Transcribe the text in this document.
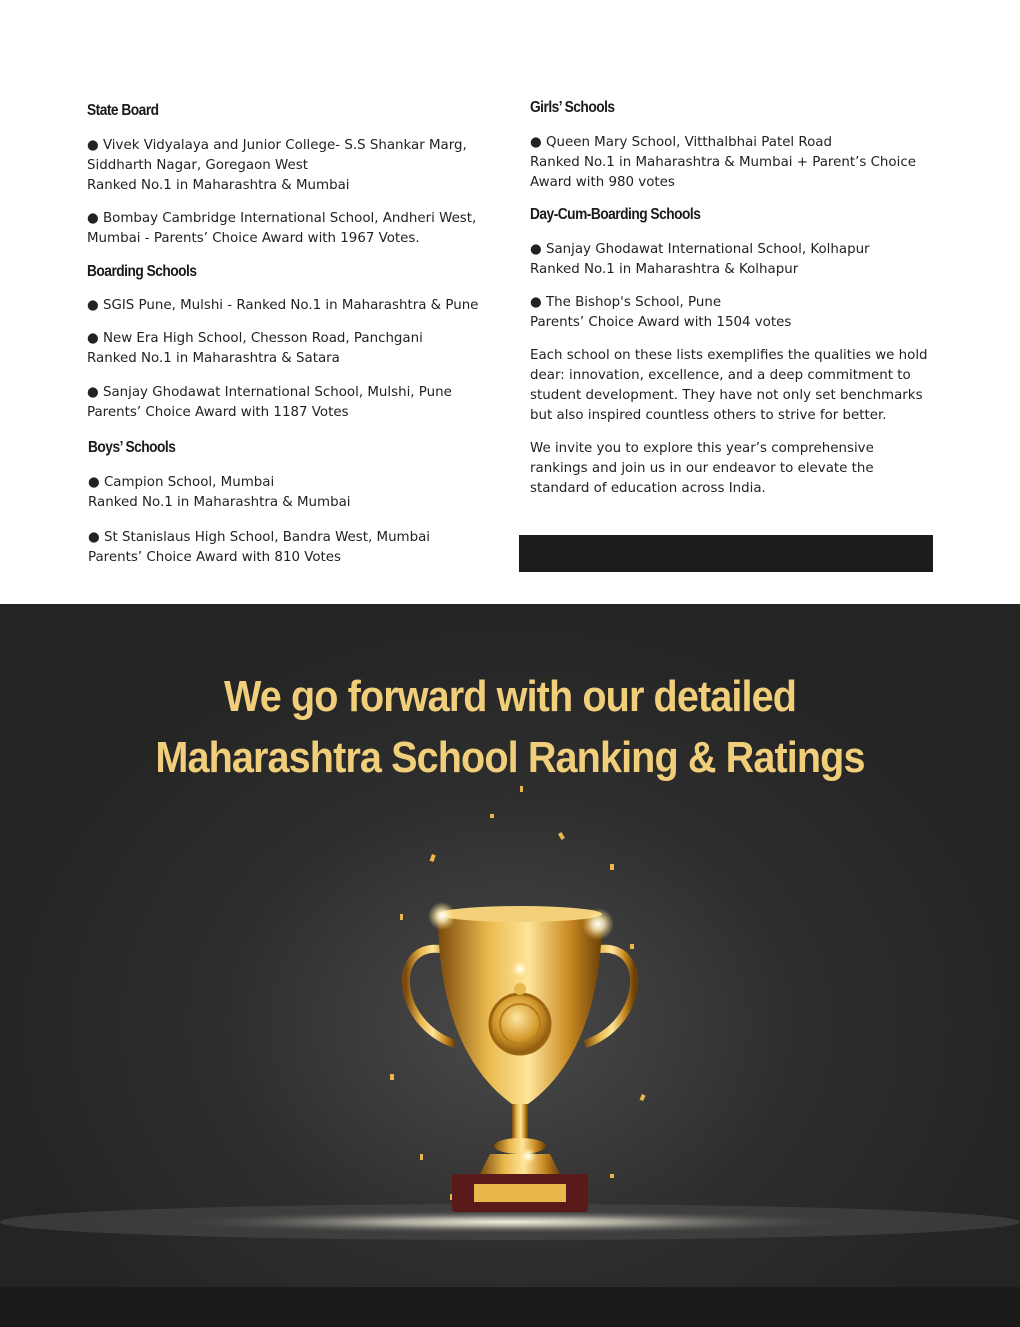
State Board

● Vivek Vidyalaya and Junior College- S.S Shankar Marg,
Siddharth Nagar, Goregaon West
Ranked No.1 in Maharashtra & Mumbai

● Bombay Cambridge International School, Andheri West,
Mumbai - Parents’ Choice Award with 1967 Votes.

Boarding Schools

● SGIS Pune, Mulshi - Ranked No.1 in Maharashtra & Pune

● New Era High School, Chesson Road, Panchgani
Ranked No.1 in Maharashtra & Satara

● Sanjay Ghodawat International School, Mulshi, Pune
Parents’ Choice Award with 1187 Votes

Boys’ Schools

● Campion School, Mumbai
Ranked No.1 in Maharashtra & Mumbai

● St Stanislaus High School, Bandra West, Mumbai
Parents’ Choice Award with 810 Votes

Girls’ Schools

● Queen Mary School, Vitthalbhai Patel Road
Ranked No.1 in Maharashtra & Mumbai + Parent’s Choice
Award with 980 votes

Day-Cum-Boarding Schools

● Sanjay Ghodawat International School, Kolhapur
Ranked No.1 in Maharashtra & Kolhapur

● The Bishop's School, Pune
Parents’ Choice Award with 1504 votes

Each school on these lists exemplifies the qualities we hold dear: innovation, excellence, and a deep commitment to student development. They have not only set benchmarks but also inspired countless others to strive for better.

We invite you to explore this year’s comprehensive rankings and join us in our endeavor to elevate the standard of education across India.

We go forward with our detailed
Maharashtra School Ranking & Ratings
